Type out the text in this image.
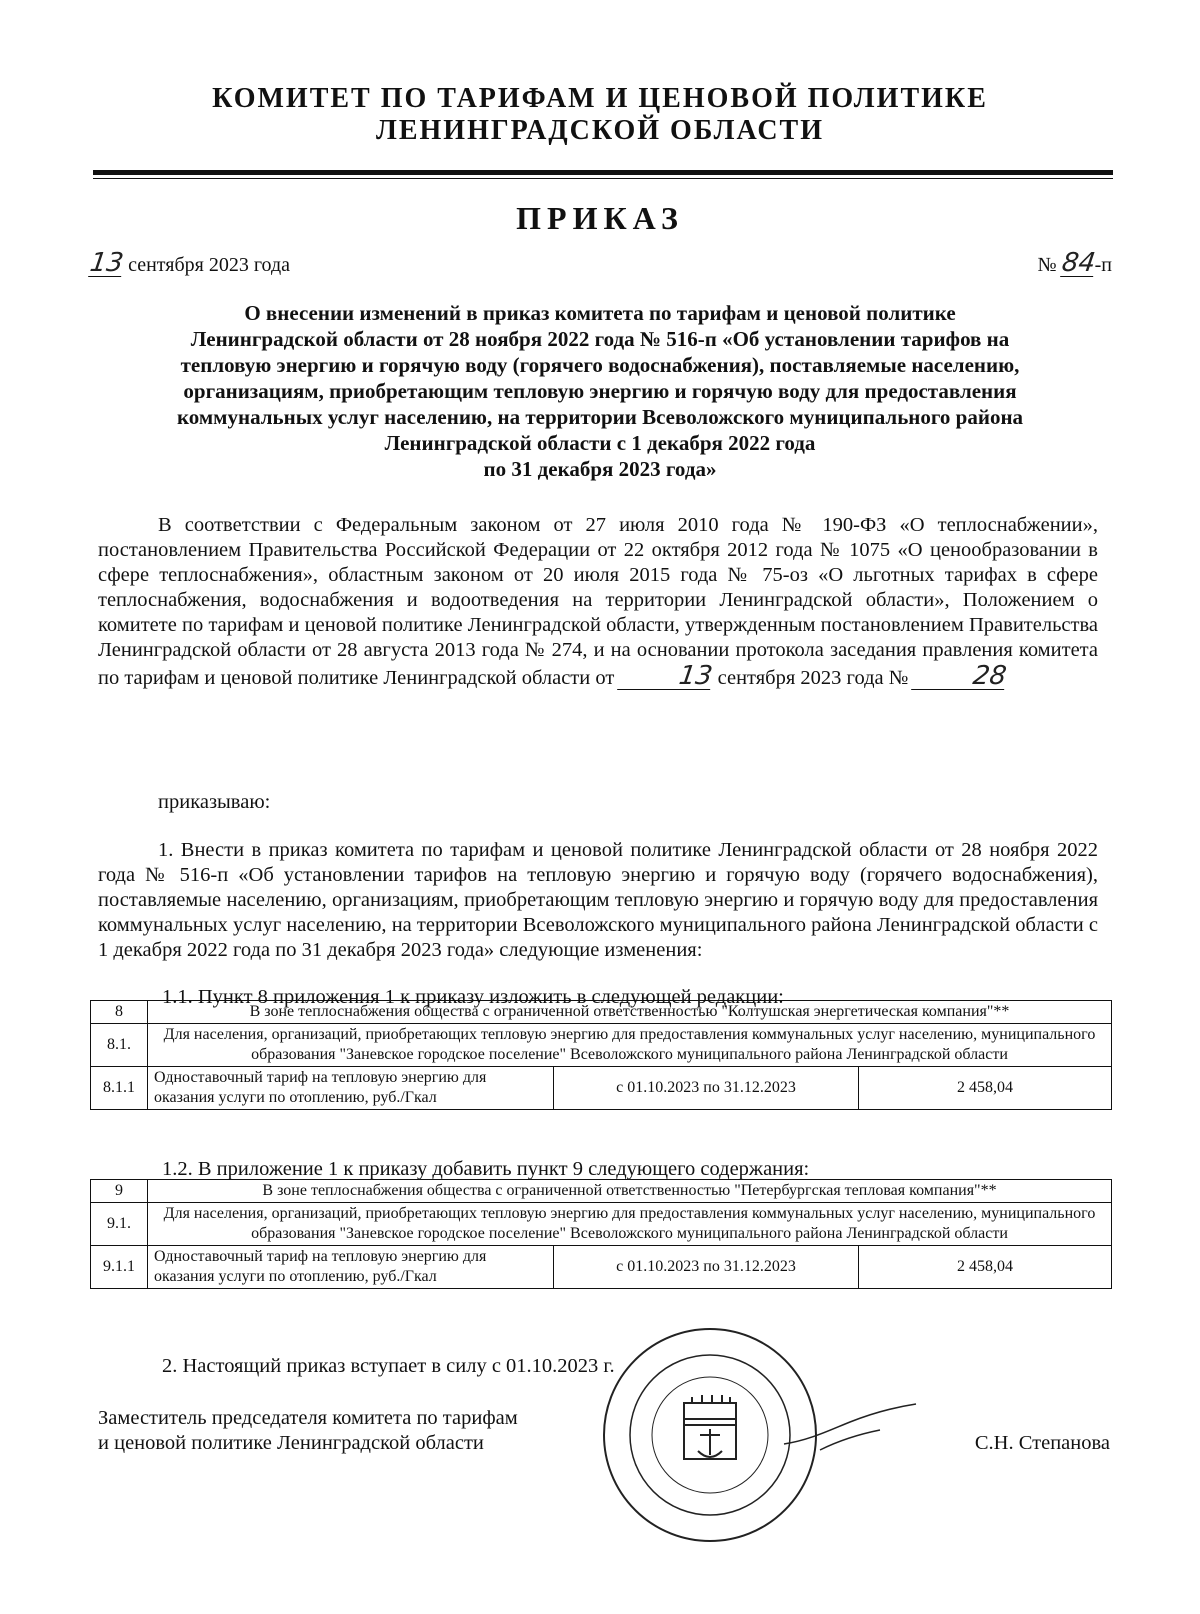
КОМИТЕТ ПО ТАРИФАМ И ЦЕНОВОЙ ПОЛИТИКЕ
ЛЕНИНГРАДСКОЙ ОБЛАСТИ
ПРИКАЗ
13 сентября 2023 года	№ 84-п
О внесении изменений в приказ комитета по тарифам и ценовой политике
Ленинградской области от 28 ноября 2022 года № 516-п «Об установлении тарифов на
тепловую энергию и горячую воду (горячего водоснабжения), поставляемые населению,
организациям, приобретающим тепловую энергию и горячую воду для предоставления
коммунальных услуг населению, на территории Всеволожского муниципального района
Ленинградской области с 1 декабря 2022 года
по 31 декабря 2023 года»
В соответствии с Федеральным законом от 27 июля 2010 года № 190-ФЗ «О теплоснабжении», постановлением Правительства Российской Федерации от 22 октября 2012 года № 1075 «О ценообразовании в сфере теплоснабжения», областным законом от 20 июля 2015 года № 75-оз «О льготных тарифах в сфере теплоснабжения, водоснабжения и водоотведения на территории Ленинградской области», Положением о комитете по тарифам и ценовой политике Ленинградской области, утвержденным постановлением Правительства Ленинградской области от 28 августа 2013 года № 274, и на основании протокола заседания правления комитета по тарифам и ценовой политике Ленинградской области от 13 сентября 2023 года № 28
приказываю:
1. Внести в приказ комитета по тарифам и ценовой политике Ленинградской области от 28 ноября 2022 года № 516-п «Об установлении тарифов на тепловую энергию и горячую воду (горячего водоснабжения), поставляемые населению, организациям, приобретающим тепловую энергию и горячую воду для предоставления коммунальных услуг населению, на территории Всеволожского муниципального района Ленинградской области с 1 декабря 2022 года по 31 декабря 2023 года» следующие изменения:
1.1. Пункт 8 приложения 1 к приказу изложить в следующей редакции:
8	В зоне теплоснабжения общества с ограниченной ответственностью "Колтушская энергетическая компания"**		
8.1.	Для населения, организаций, приобретающих тепловую энергию для предоставления коммунальных услуг населению, муниципального образования "Заневское городское поселение" Всеволожского муниципального района Ленинградской области		
8.1.1	Одноставочный тариф на тепловую энергию для оказания услуги по отоплению, руб./Гкал	с 01.10.2023 по 31.12.2023	2 458,04
1.2. В приложение 1 к приказу добавить пункт 9 следующего содержания:
9	В зоне теплоснабжения общества с ограниченной ответственностью "Петербургская тепловая компания"**		
9.1.	Для населения, организаций, приобретающих тепловую энергию для предоставления коммунальных услуг населению, муниципального образования "Заневское городское поселение" Всеволожского муниципального района Ленинградской области		
9.1.1	Одноставочный тариф на тепловую энергию для оказания услуги по отоплению, руб./Гкал	с 01.10.2023 по 31.12.2023	2 458,04
2. Настоящий приказ вступает в силу с 01.10.2023 г.
Заместитель председателя комитета по тарифам
и ценовой политике Ленинградской области	С.Н. Степанова
